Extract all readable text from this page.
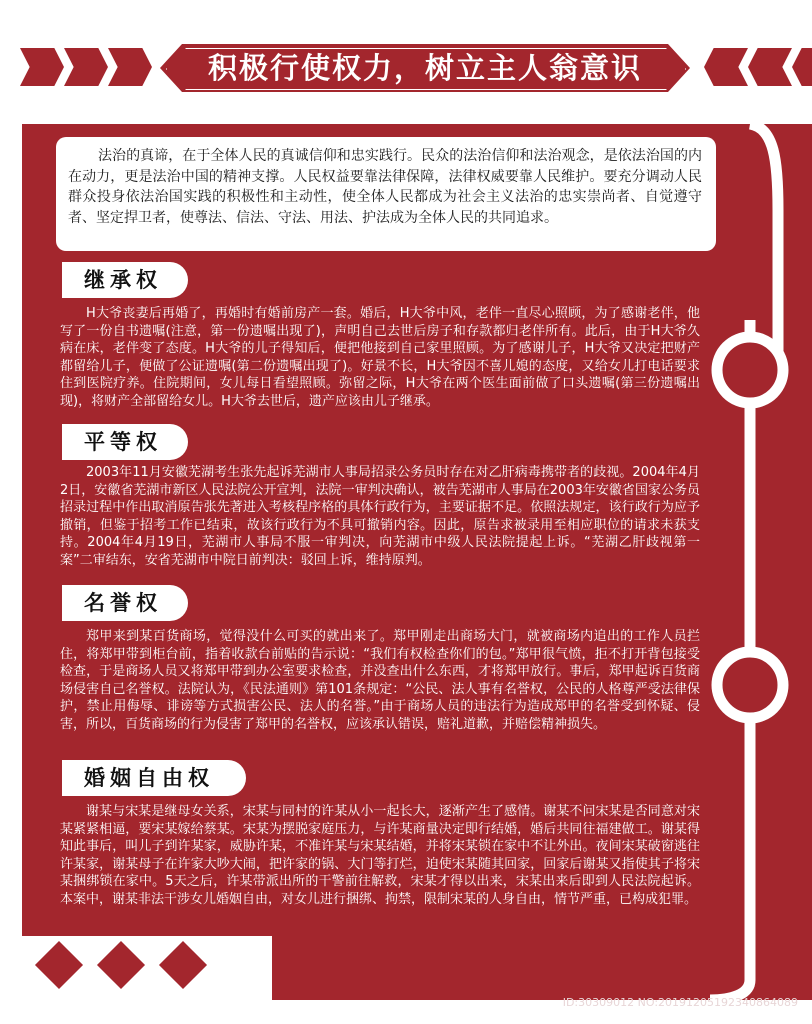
积极行使权力，树立主人翁意识
法治的真谛，在于全体人民的真诚信仰和忠实践行。民众的法治信仰和法治观念，是依法治国的内在动力，更是法治中国的精神支撑。人民权益要靠法律保障，法律权威要靠人民维护。要充分调动人民群众投身依法治国实践的积极性和主动性，使全体人民都成为社会主义法治的忠实崇尚者、自觉遵守者、坚定捍卫者，使尊法、信法、守法、用法、护法成为全体人民的共同追求。
继承权
H大爷丧妻后再婚了，再婚时有婚前房产一套。婚后，H大爷中风，老伴一直尽心照顾，为了感谢老伴，他写了一份自书遗嘱(注意，第一份遗嘱出现了)，声明自己去世后房子和存款都归老伴所有。此后，由于H大爷久病在床，老伴变了态度。H大爷的儿子得知后，便把他接到自己家里照顾。为了感谢儿子，H大爷又决定把财产都留给儿子，便做了公证遗嘱(第二份遗嘱出现了)。好景不长，H大爷因不喜儿媳的态度，又给女儿打电话要求住到医院疗养。住院期间，女儿每日看望照顾。弥留之际，H大爷在两个医生面前做了口头遗嘱(第三份遗嘱出现)，将财产全部留给女儿。H大爷去世后，遗产应该由儿子继承。
平等权
2003年11月安徽芜湖考生张先起诉芜湖市人事局招录公务员时存在对乙肝病毒携带者的歧视。2004年4月2日，安徽省芜湖市新区人民法院公开宣判，法院一审判决确认，被告芜湖市人事局在2003年安徽省国家公务员招录过程中作出取消原告张先著进入考核程序格的具体行政行为，主要证据不足。依照法规定，该行政行为应予撤销，但鉴于招考工作已结束，故该行政行为不具可撤销内容。因此，原告求被录用至相应职位的请求未获支持。2004年4月19日，芜湖市人事局不服一审判决，向芜湖市中级人民法院提起上诉。“芜湖乙肝歧视第一案”二审结东，安省芜湖市中院日前判决：驳回上诉，维持原判。
名誉权
郑甲来到某百货商场，觉得没什么可买的就出来了。郑甲刚走出商场大门，就被商场内追出的工作人员拦住，将郑甲带到柜台前，指着收款台前贴的告示说：“我们有权检查你们的包。”郑甲很气愤，拒不打开背包接受检查，于是商场人员又将郑甲带到办公室要求检查，并没查出什么东西，才将郑甲放行。事后，郑甲起诉百货商场侵害自己名誉权。法院认为，《民法通则》第101条规定：“公民、法人事有名誉权，公民的人格尊严受法律保护，禁止用侮辱、诽谤等方式损害公民、法人的名誉。”由于商场人员的违法行为造成郑甲的名誉受到怀疑、侵害，所以，百货商场的行为侵害了郑甲的名誉权，应该承认错误，赔礼道歉，并赔偿精神损失。
婚姻自由权
谢某与宋某是继母女关系，宋某与同村的许某从小一起长大，逐渐产生了感情。谢某不问宋某是否同意对宋某紧紧相逼，要宋某嫁给蔡某。宋某为摆脱家庭压力，与许某商量决定即行结婚，婚后共同往福建做工。谢某得知此事后，叫儿子到许某家，威胁许某，不准许某与宋某结婚，并将宋某锁在家中不让外出。夜间宋某破窗逃往许某家，谢某母子在许家大吵大闹，把许家的锅、大门等打烂，迫使宋某随其回家，回家后谢某又指使其子将宋某捆绑锁在家中。5天之后，许某带派出所的干警前往解救，宋某才得以出来，宋某出来后即到人民法院起诉。本案中，谢某非法干涉女儿婚姻自由，对女儿进行捆绑、拘禁，限制宋某的人身自由，情节严重，已构成犯罪。
昵图网 www.nipic.com	ID:30309012 NO:20191205192340864089
